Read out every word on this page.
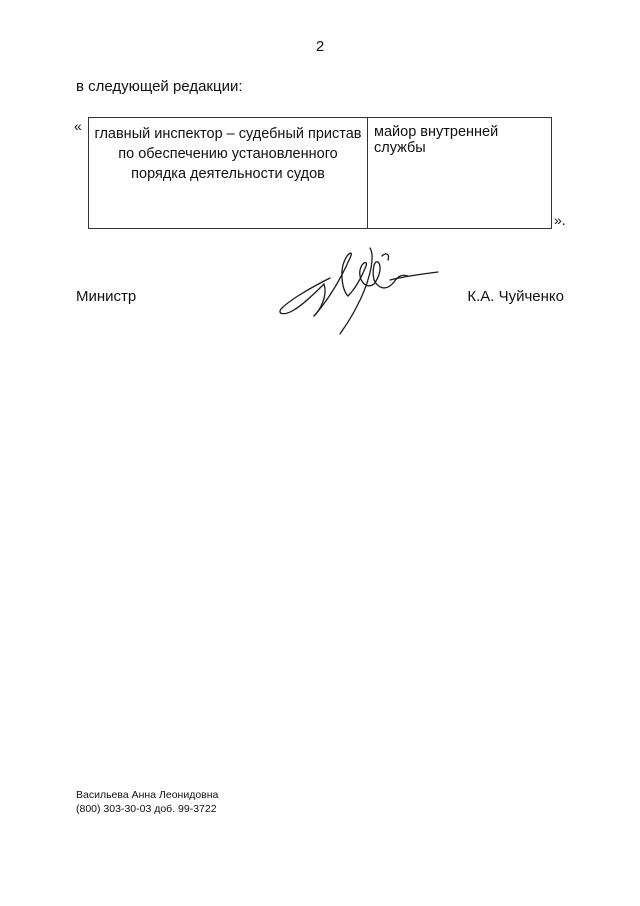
2
в следующей редакции:
« главный инспектор – судебный пристав по обеспечению установленного порядка деятельности судов
майор внутренней службы
».
Министр	К.А. Чуйченко
Васильева Анна Леонидовна
(800) 303-30-03 доб. 99-3722
